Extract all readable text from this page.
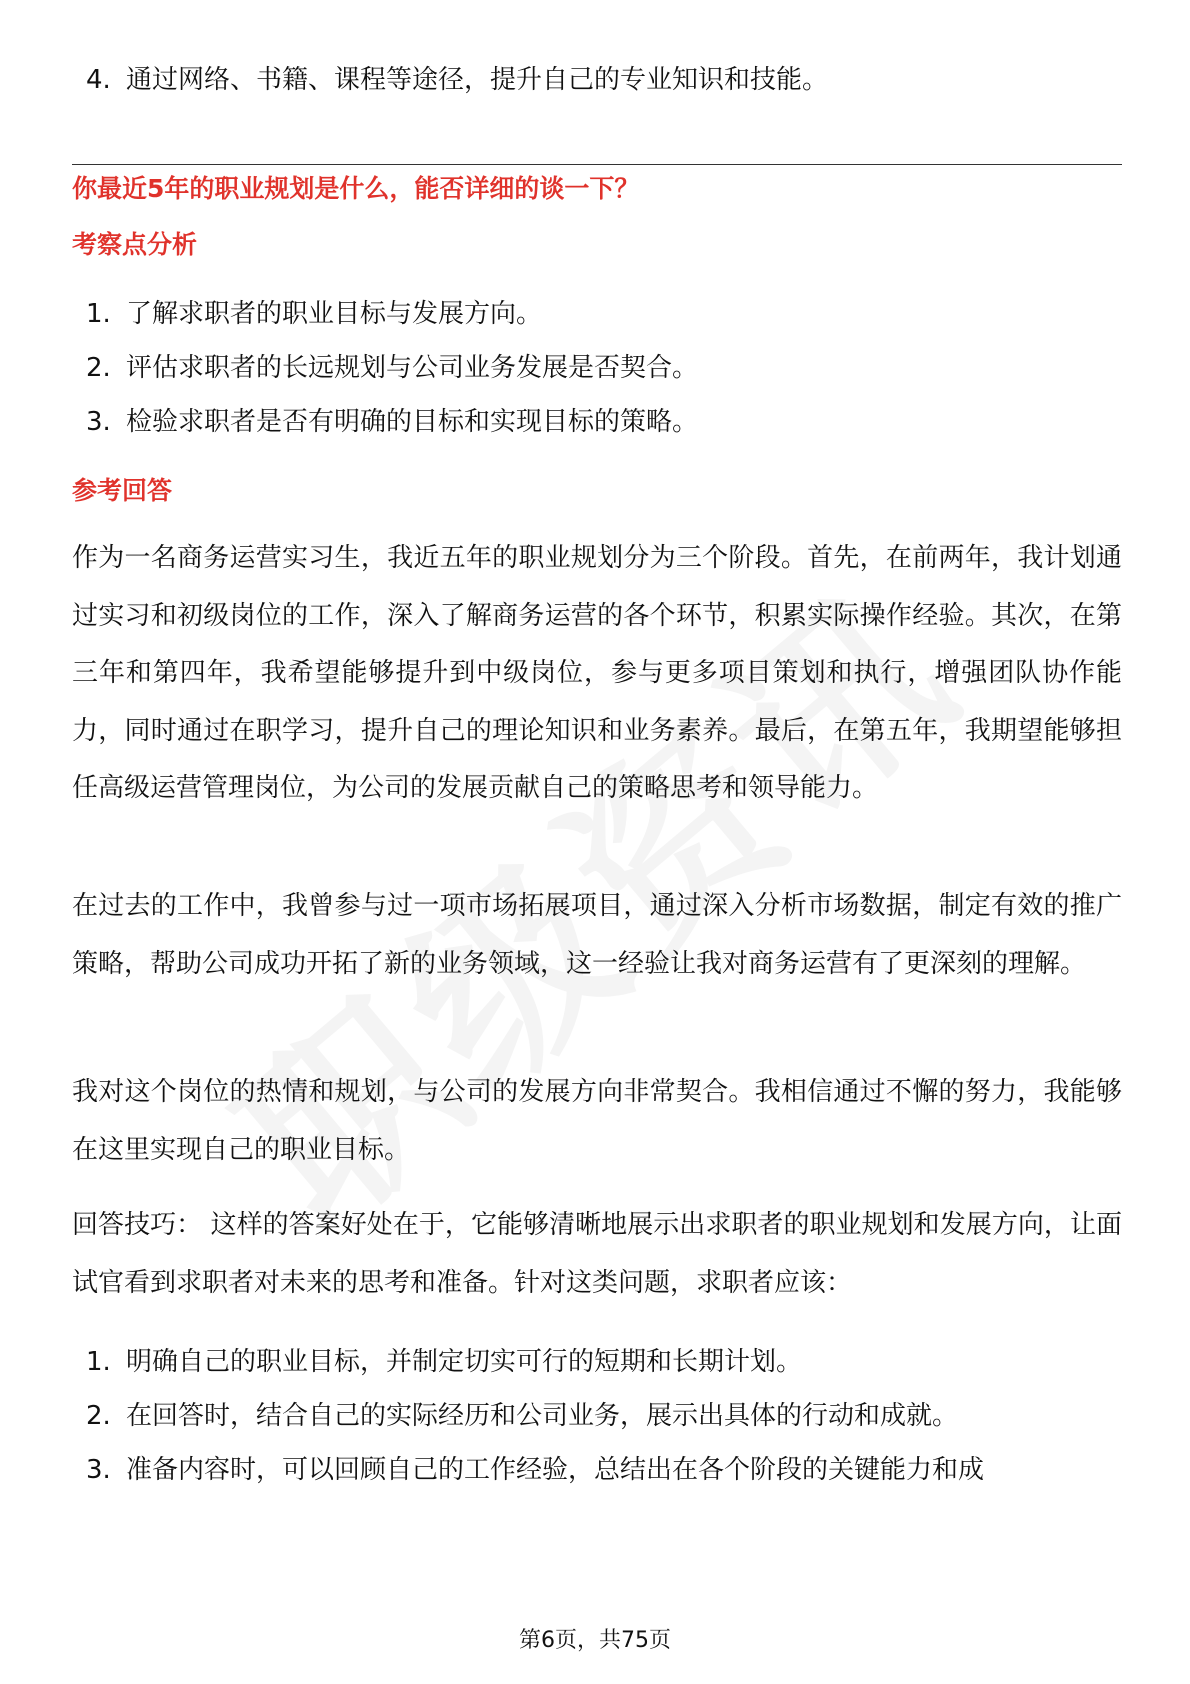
4. 通过网络、书籍、课程等途径，提升自己的专业知识和技能。
你最近5年的职业规划是什么，能否详细的谈一下？
考察点分析
1. 了解求职者的职业目标与发展方向。
2. 评估求职者的长远规划与公司业务发展是否契合。
3. 检验求职者是否有明确的目标和实现目标的策略。
参考回答

作为一名商务运营实习生，我近五年的职业规划分为三个阶段。首先，在前两年，我计划通过实习和初级岗位的工作，深入了解商务运营的各个环节，积累实际操作经验。其次，在第三年和第四年，我希望能够提升到中级岗位，参与更多项目策划和执行，增强团队协作能力，同时通过在职学习，提升自己的理论知识和业务素养。最后，在第五年，我期望能够担任高级运营管理岗位，为公司的发展贡献自己的策略思考和领导能力。

在过去的工作中，我曾参与过一项市场拓展项目，通过深入分析市场数据，制定有效的推广策略，帮助公司成功开拓了新的业务领域，这一经验让我对商务运营有了更深刻的理解。

我对这个岗位的热情和规划，与公司的发展方向非常契合。我相信通过不懈的努力，我能够在这里实现自己的职业目标。

回答技巧： 这样的答案好处在于，它能够清晰地展示出求职者的职业规划和发展方向，让面试官看到求职者对未来的思考和准备。针对这类问题，求职者应该：

1. 明确自己的职业目标，并制定切实可行的短期和长期计划。
2. 在回答时，结合自己的实际经历和公司业务，展示出具体的行动和成就。
3. 准备内容时，可以回顾自己的工作经验，总结出在各个阶段的关键能力和成
第6页，共75页
